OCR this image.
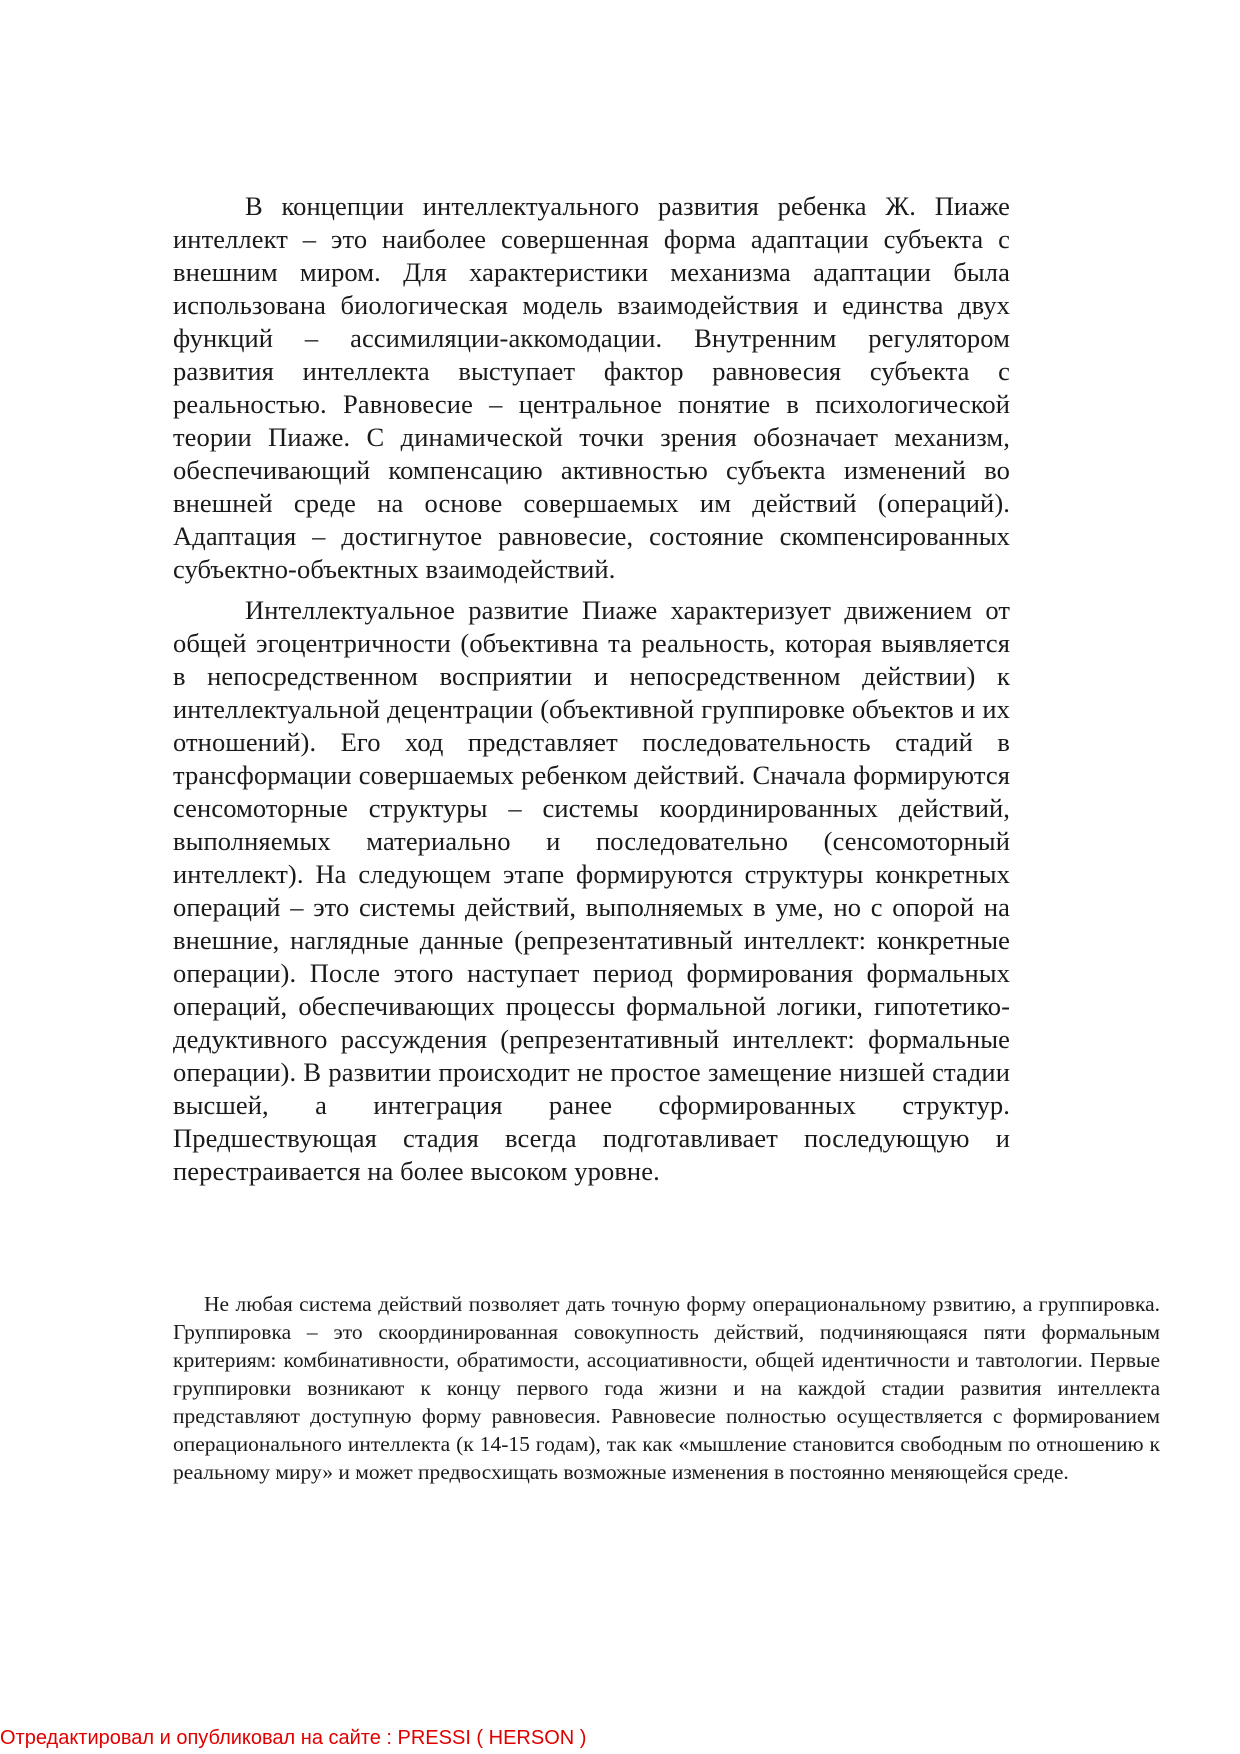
В концепции интеллектуального развития ребенка Ж. Пиаже интеллект – это наиболее совершенная форма адаптации субъекта с внешним миром. Для характеристики механизма адаптации была использована биологическая модель взаимодействия и единства двух функций – ассимиляции-аккомодации. Внутренним регулятором развития интеллекта выступает фактор равновесия субъекта с реальностью. Равновесие – центральное понятие в психологической теории Пиаже. С динамической точки зрения обозначает механизм, обеспечивающий компенсацию активностью субъекта изменений во внешней среде на основе совершаемых им действий (операций). Адаптация – достигнутое равновесие, состояние скомпенсированных субъектно-объектных взаимодействий.

Интеллектуальное развитие Пиаже характеризует движением от общей эгоцентричности (объективна та реальность, которая выявляется в непосредственном восприятии и непосредственном действии) к интеллектуальной децентрации (объективной группировке объектов и их отношений). Его ход представляет последовательность стадий в трансформации совершаемых ребенком действий. Сначала формируются сенсомоторные структуры – системы координированных действий, выполняемых материально и последовательно (сенсомоторный интеллект). На следующем этапе формируются структуры конкретных операций – это системы действий, выполняемых в уме, но с опорой на внешние, наглядные данные (репрезентативный интеллект: конкретные операции). После этого наступает период формирования формальных операций, обеспечивающих процессы формальной логики, гипотетико-дедуктивного рассуждения (репрезентативный интеллект: формальные операции). В развитии происходит не простое замещение низшей стадии высшей, а интеграция ранее сформированных структур. Предшествующая стадия всегда подготавливает последующую и перестраивается на более высоком уровне.

Не любая система действий позволяет дать точную форму операциональному рзвитию, а группировка. Группировка – это скоординированная совокупность действий, подчиняющаяся пяти формальным критериям: комбинативности, обратимости, ассоциативности, общей идентичности и тавтологии. Первые группировки возникают к концу первого года жизни и на каждой стадии развития интеллекта представляют доступную форму равновесия. Равновесие полностью осуществляется с формированием операционального интеллекта (к 14-15 годам), так как «мышление становится свободным по отношению к реальному миру» и может предвосхищать возможные изменения в постоянно меняющейся среде.

Отредактировал и опубликовал на сайте : PRESSI ( HERSON )
